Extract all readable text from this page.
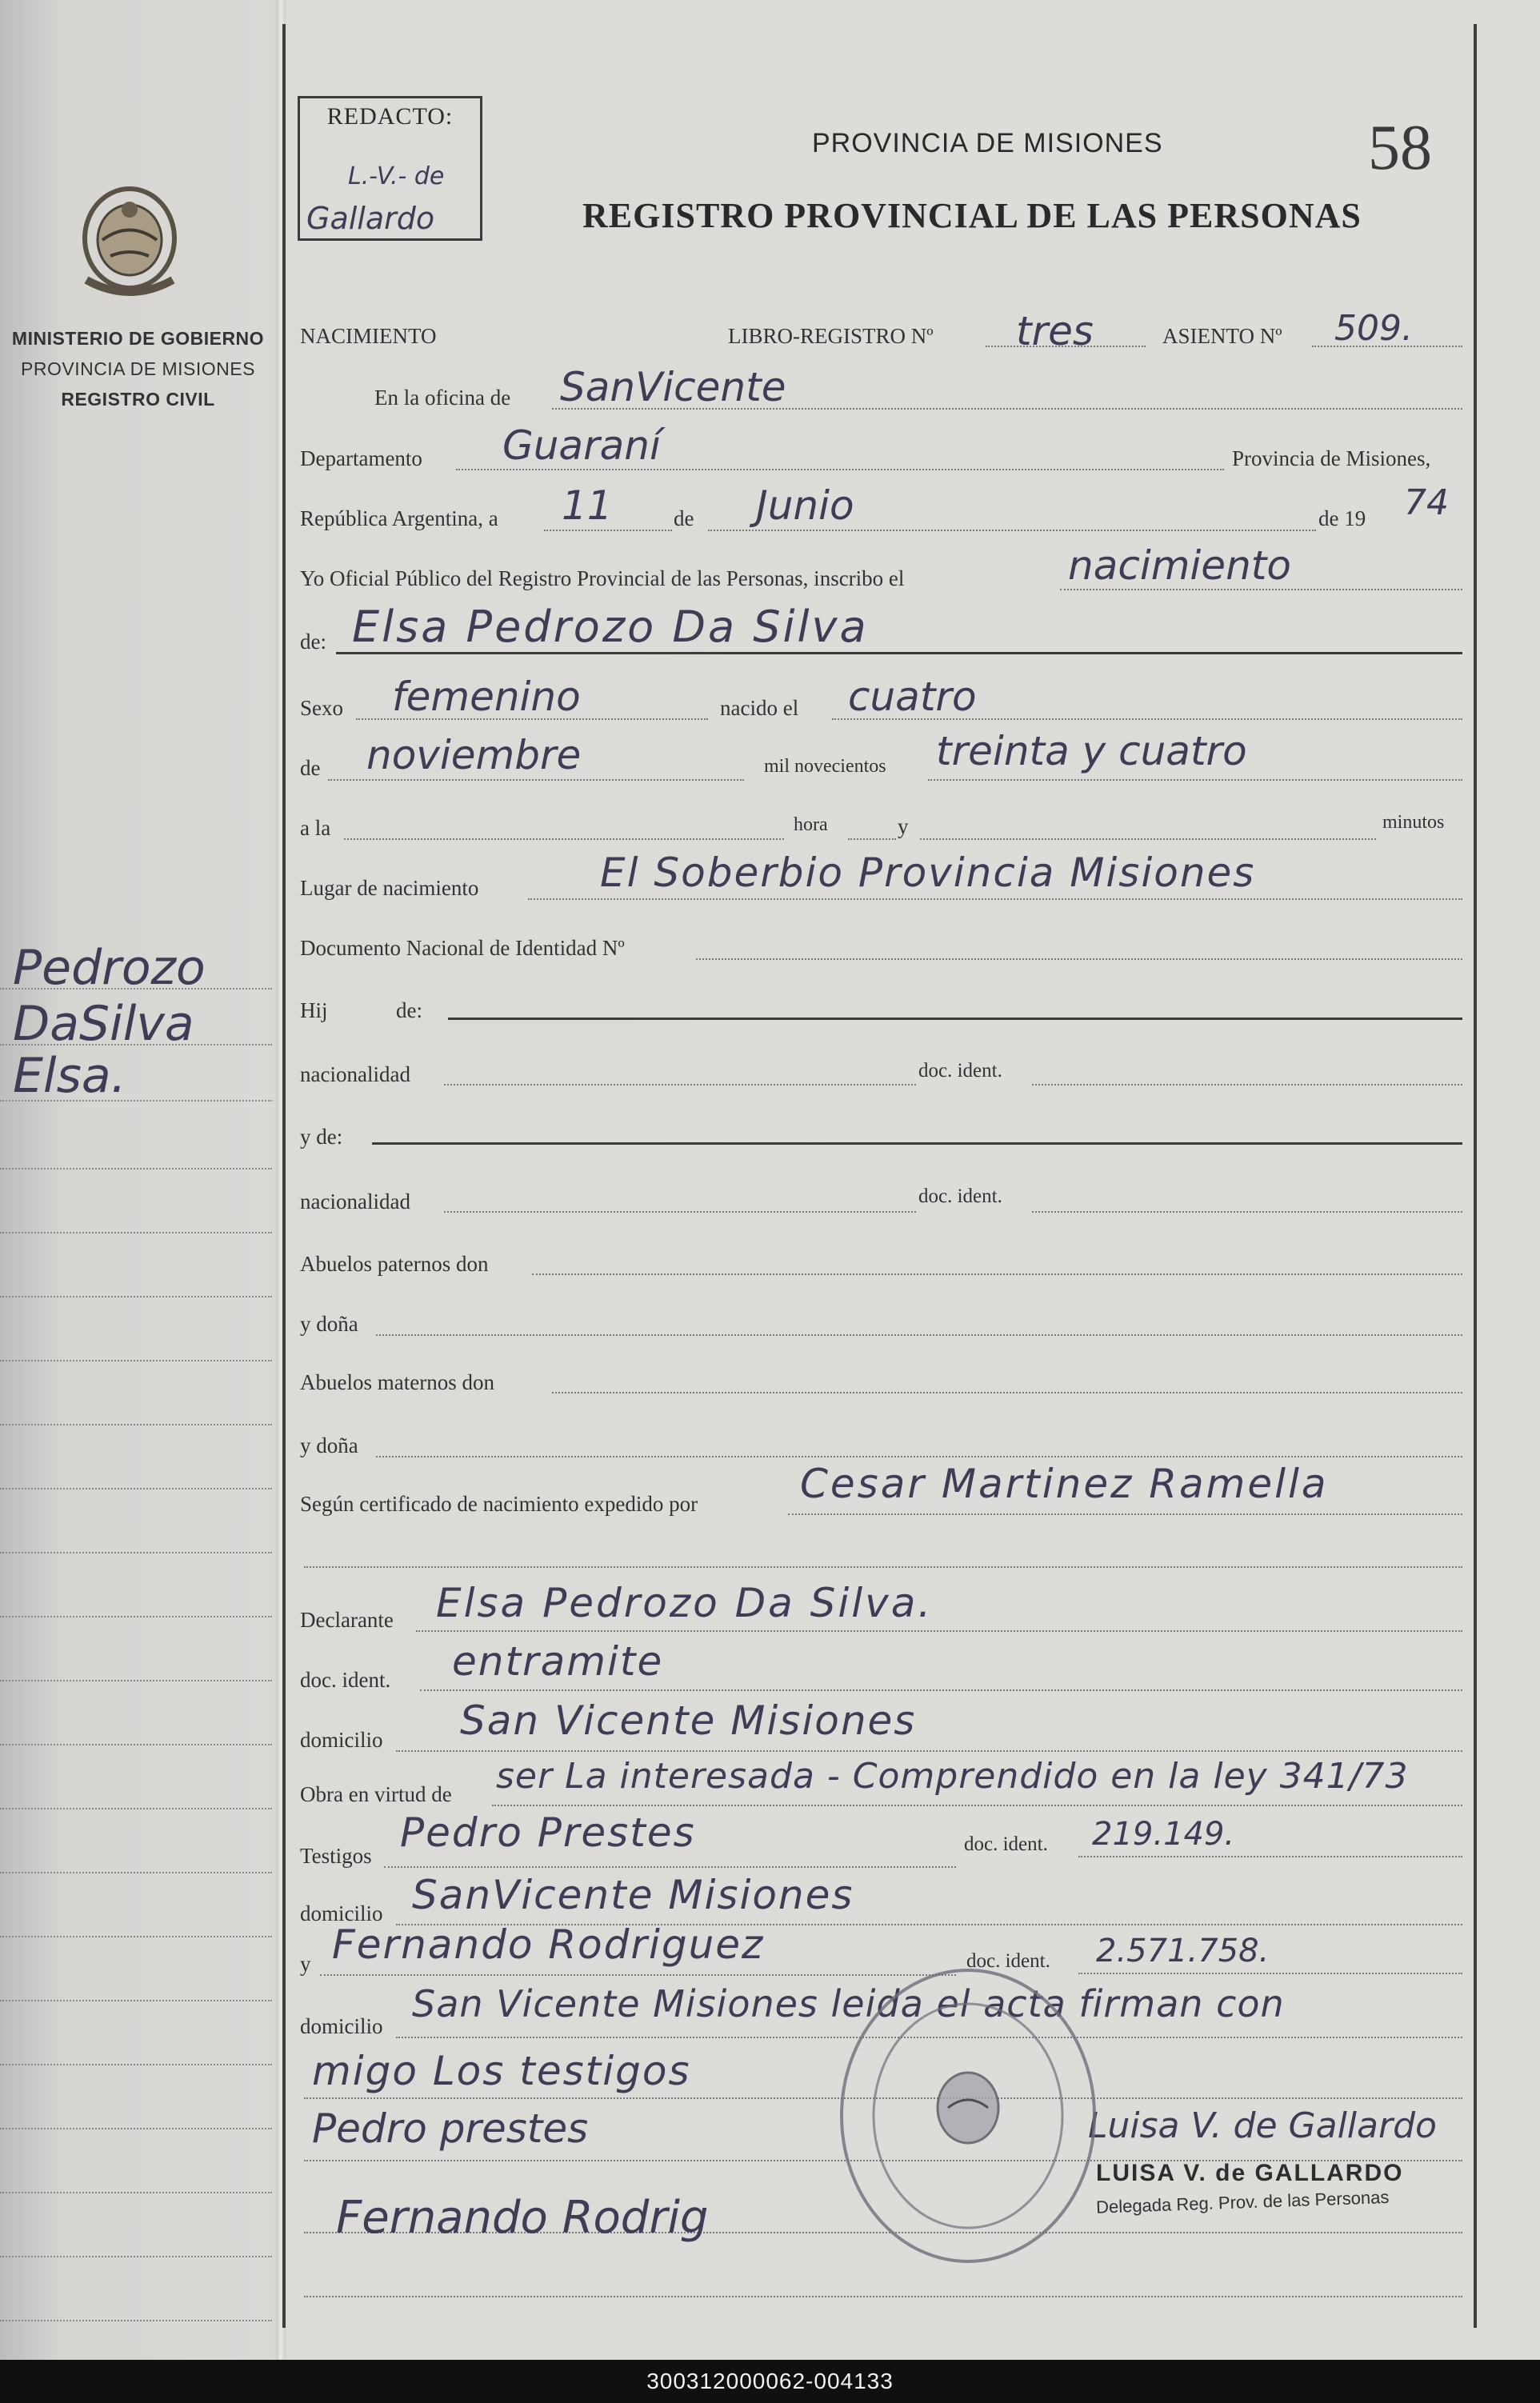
MINISTERIO DE GOBIERNO
PROVINCIA DE MISIONES
REGISTRO CIVIL
Pedrozo
DaSilva
Elsa.
REDACTO:
L.-V.- de
Gallardo
PROVINCIA DE MISIONES
REGISTRO PROVINCIAL DE LAS PERSONAS
58
NACIMIENTO	LIBRO-REGISTRO Nº tres	ASIENTO Nº 509.
En la oficina de SanVicente
Departamento Guaraní	Provincia de Misiones,
República Argentina, a 11	de Junio	de 19 74
Yo Oficial Público del Registro Provincial de las Personas, inscribo el	nacimiento
de: Elsa Pedrozo Da Silva
Sexo femenino	nacido el cuatro
de noviembre	mil novecientos treinta y cuatro
a la	hora	y	minutos
Lugar de nacimiento	El Soberbio Provincia Misiones
Documento Nacional de Identidad Nº
Hij	de:
nacionalidad	doc. ident.
y de:
nacionalidad	doc. ident.
Abuelos paternos don
y doña
Abuelos maternos don
y doña
Según certificado de nacimiento expedido por	Cesar Martinez Ramella
Declarante Elsa Pedrozo Da Silva.
doc. ident. entramite
domicilio San Vicente Misiones
Obra en virtud de ser La interesada - Comprendido en la ley 341/73
Testigos Pedro Prestes	doc. ident. 219.149.
domicilio SanVicente Misiones
y Fernando Rodriguez	doc. ident. 2.571.758.
domicilio
San Vicente Misiones leida el acta firman con
migo Los testigos
Pedro prestes	Luisa V. de Gallardo
Fernando Rodrig
LUISA V. de GALLARDO
Delegada Reg. Prov. de las Personas
300312000062-004133
